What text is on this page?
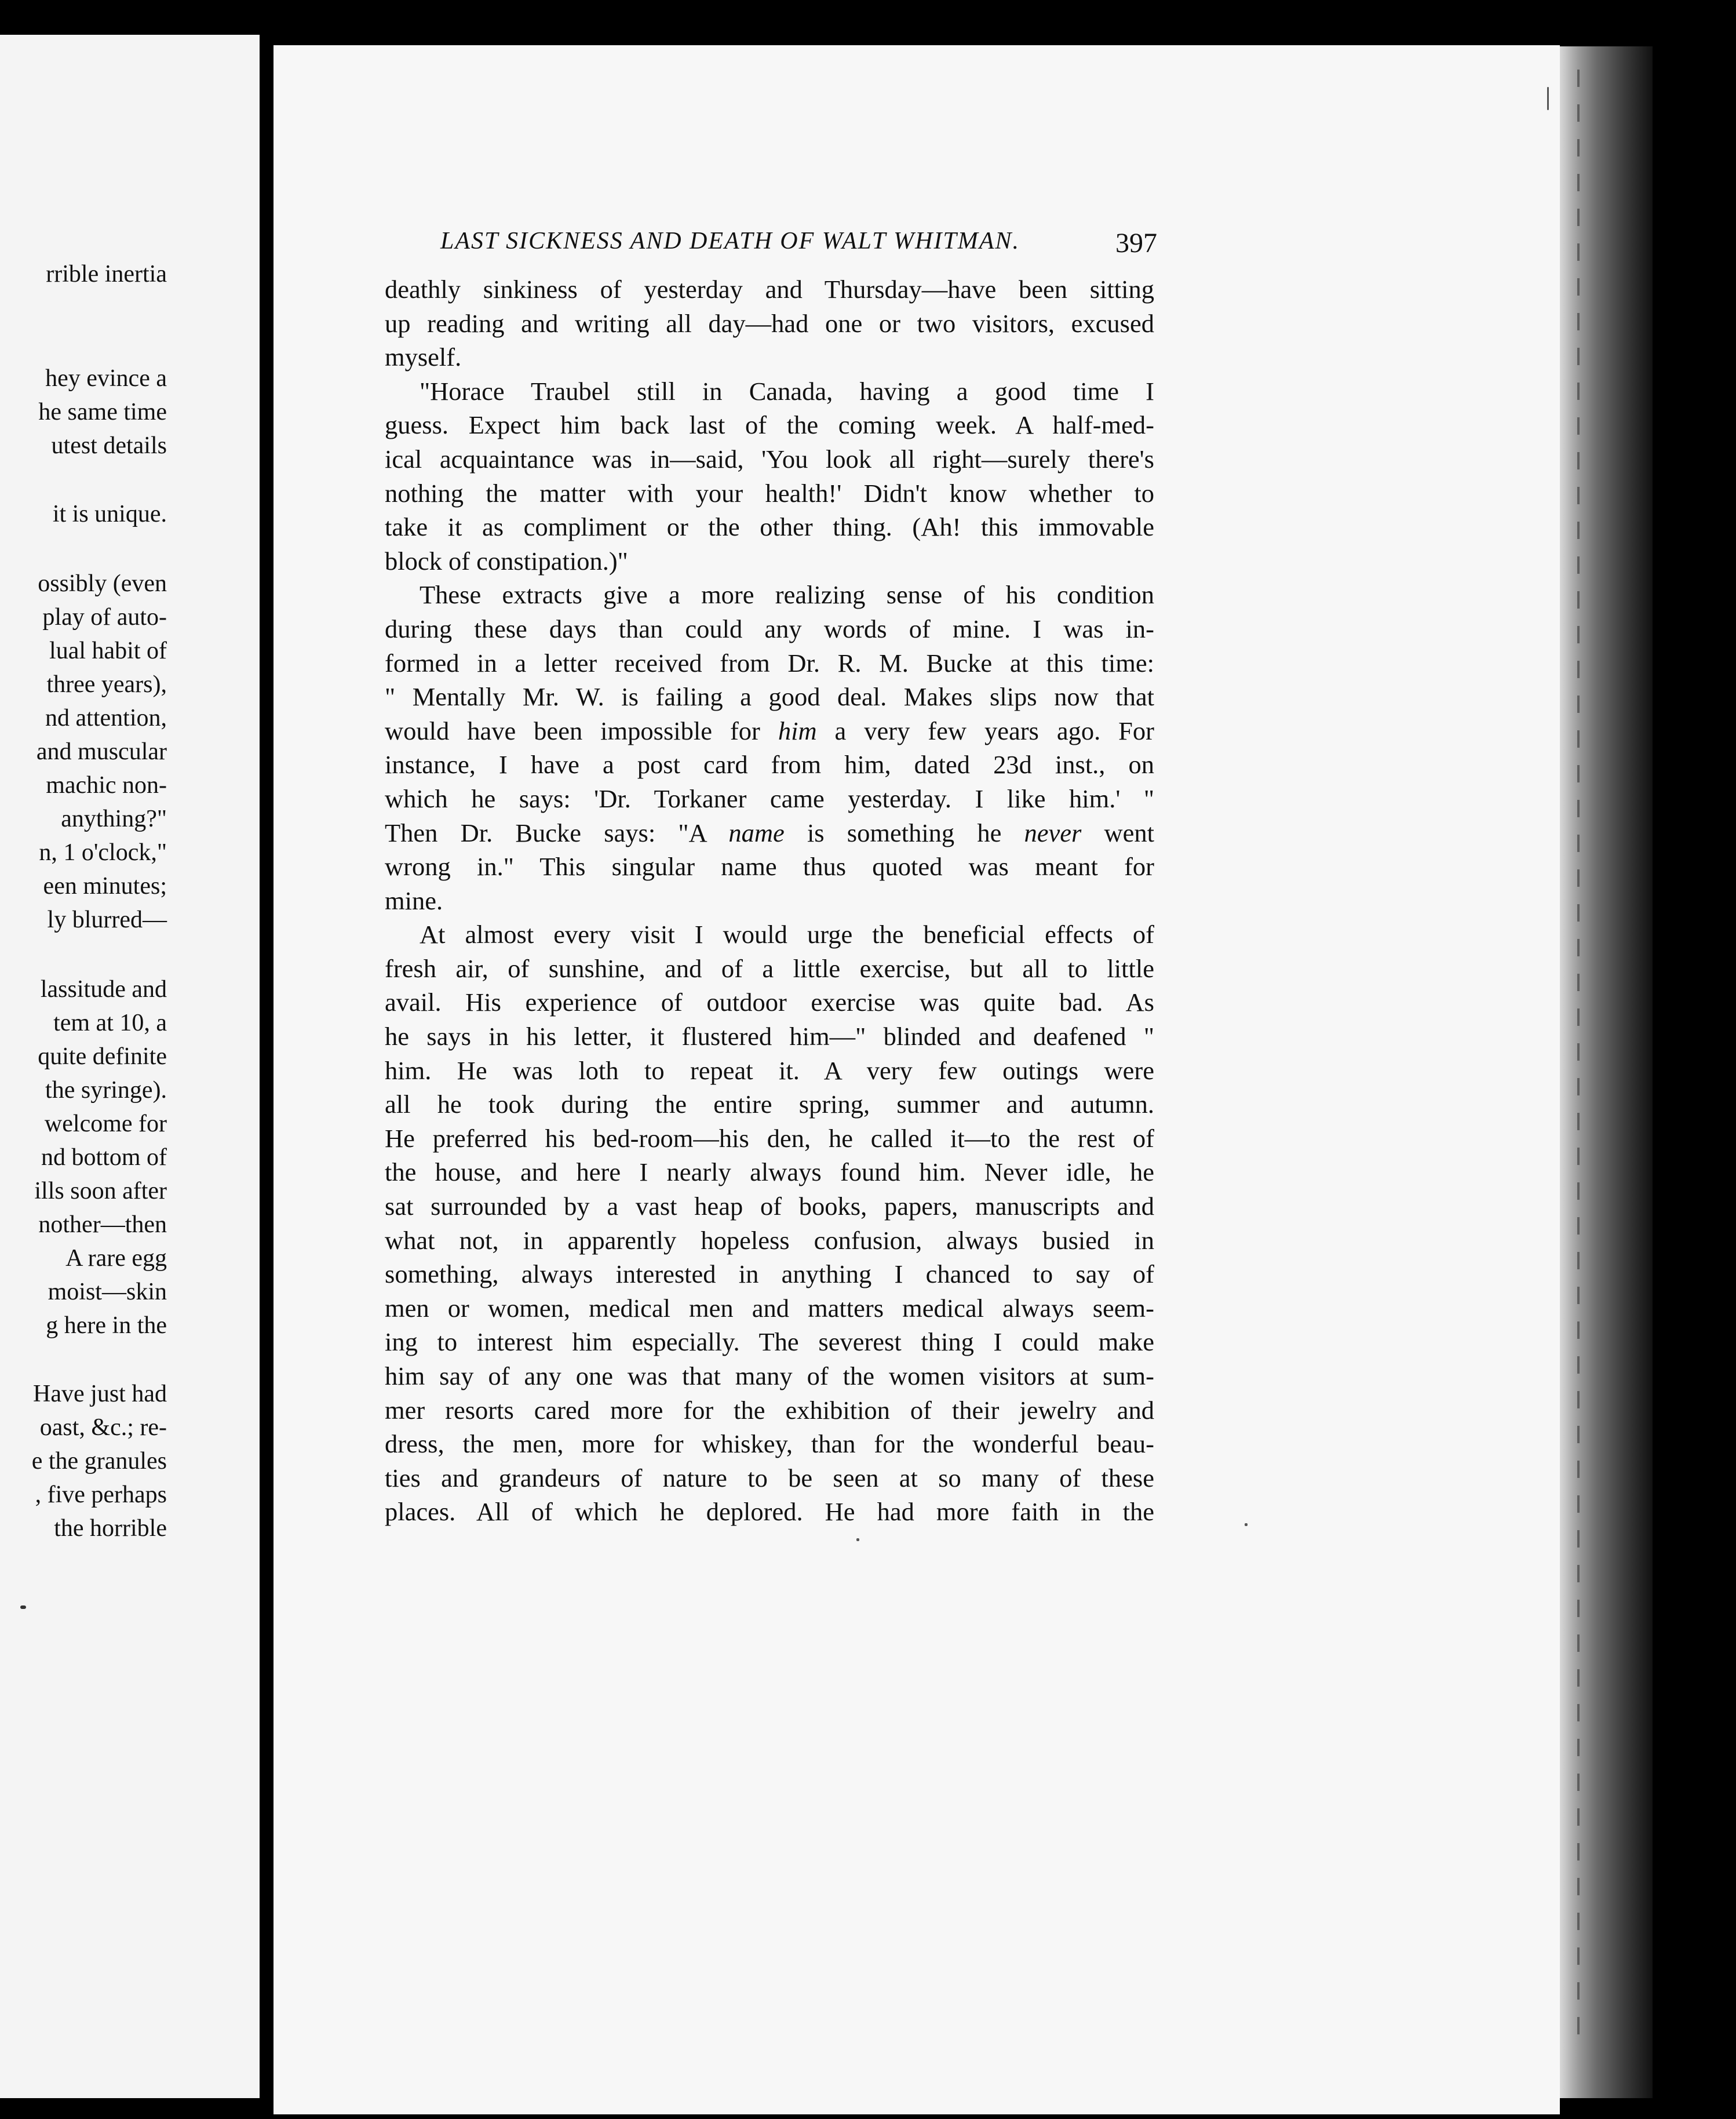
rrible inertia
hey evince a
he same time
utest details
it is unique.
ossibly (even
play of auto-
lual habit of
three years),
nd attention,
and muscular
machic non-
anything?"
n, 1 o'clock,"
een minutes;
ly blurred—
lassitude and
tem at 10, a
quite definite
the syringe).
welcome for
nd bottom of
ills soon after
nother—then
A rare egg
moist—skin
g here in the
Have just had
oast, &c.; re-
e the granules
, five perhaps
the horrible
LAST SICKNESS AND DEATH OF WALT WHITMAN.	397
deathly sinkiness of yesterday and Thursday—have been sitting
up reading and writing all day—had one or two visitors, excused
myself.
"Horace Traubel still in Canada, having a good time I
guess. Expect him back last of the coming week. A half-med-
ical acquaintance was in—said, 'You look all right—surely there's
nothing the matter with your health!' Didn't know whether to
take it as compliment or the other thing. (Ah! this immovable
block of constipation.)"
These extracts give a more realizing sense of his condition
during these days than could any words of mine. I was in-
formed in a letter received from Dr. R. M. Bucke at this time:
" Mentally Mr. W. is failing a good deal. Makes slips now that
would have been impossible for him a very few years ago. For
instance, I have a post card from him, dated 23d inst., on
which he says: 'Dr. Torkaner came yesterday. I like him.' "
Then Dr. Bucke says: "A name is something he never went
wrong in." This singular name thus quoted was meant for
mine.
At almost every visit I would urge the beneficial effects of
fresh air, of sunshine, and of a little exercise, but all to little
avail. His experience of outdoor exercise was quite bad. As
he says in his letter, it flustered him—" blinded and deafened "
him. He was loth to repeat it. A very few outings were
all he took during the entire spring, summer and autumn.
He preferred his bed-room—his den, he called it—to the rest of
the house, and here I nearly always found him. Never idle, he
sat surrounded by a vast heap of books, papers, manuscripts and
what not, in apparently hopeless confusion, always busied in
something, always interested in anything I chanced to say of
men or women, medical men and matters medical always seem-
ing to interest him especially. The severest thing I could make
him say of any one was that many of the women visitors at sum-
mer resorts cared more for the exhibition of their jewelry and
dress, the men, more for whiskey, than for the wonderful beau-
ties and grandeurs of nature to be seen at so many of these
places. All of which he deplored. He had more faith in the
